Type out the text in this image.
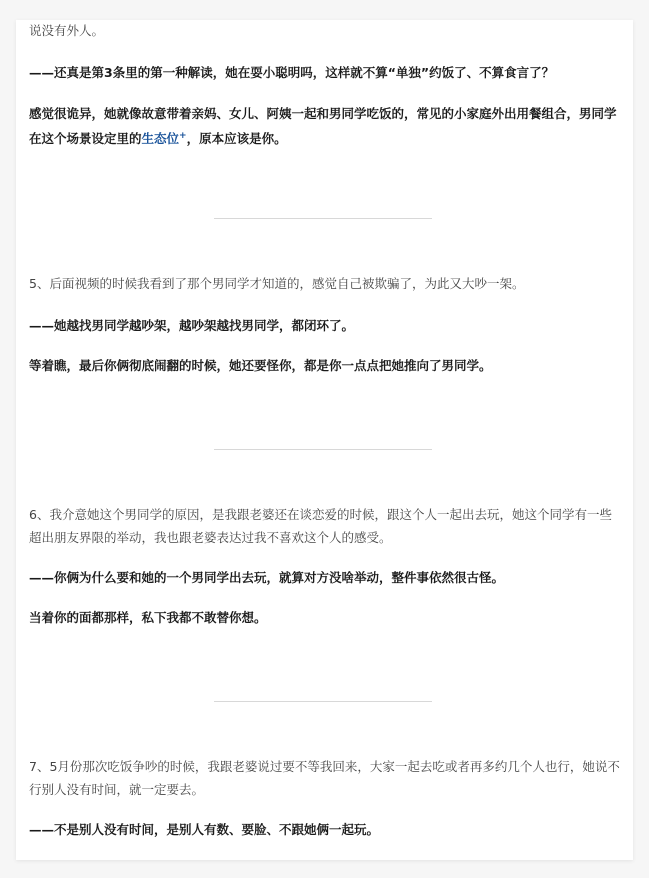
说没有外人。

——还真是第3条里的第一种解读，她在耍小聪明吗，这样就不算“单独”约饭了、不算食言了？

感觉很诡异，她就像故意带着亲妈、女儿、阿姨一起和男同学吃饭的，常见的小家庭外出用餐组合，男同学在这个场景设定里的生态位+，原本应该是你。

5、后面视频的时候我看到了那个男同学才知道的，感觉自己被欺骗了，为此又大吵一架。

——她越找男同学越吵架，越吵架越找男同学，都闭环了。

等着瞧，最后你俩彻底闹翻的时候，她还要怪你，都是你一点点把她推向了男同学。

6、我介意她这个男同学的原因，是我跟老婆还在谈恋爱的时候，跟这个人一起出去玩，她这个同学有一些超出朋友界限的举动，我也跟老婆表达过我不喜欢这个人的感受。

——你俩为什么要和她的一个男同学出去玩，就算对方没啥举动，整件事依然很古怪。

当着你的面都那样，私下我都不敢替你想。

7、5月份那次吃饭争吵的时候，我跟老婆说过要不等我回来，大家一起去吃或者再多约几个人也行，她说不行别人没有时间，就一定要去。

——不是别人没有时间，是别人有数、要脸、不跟她俩一起玩。
